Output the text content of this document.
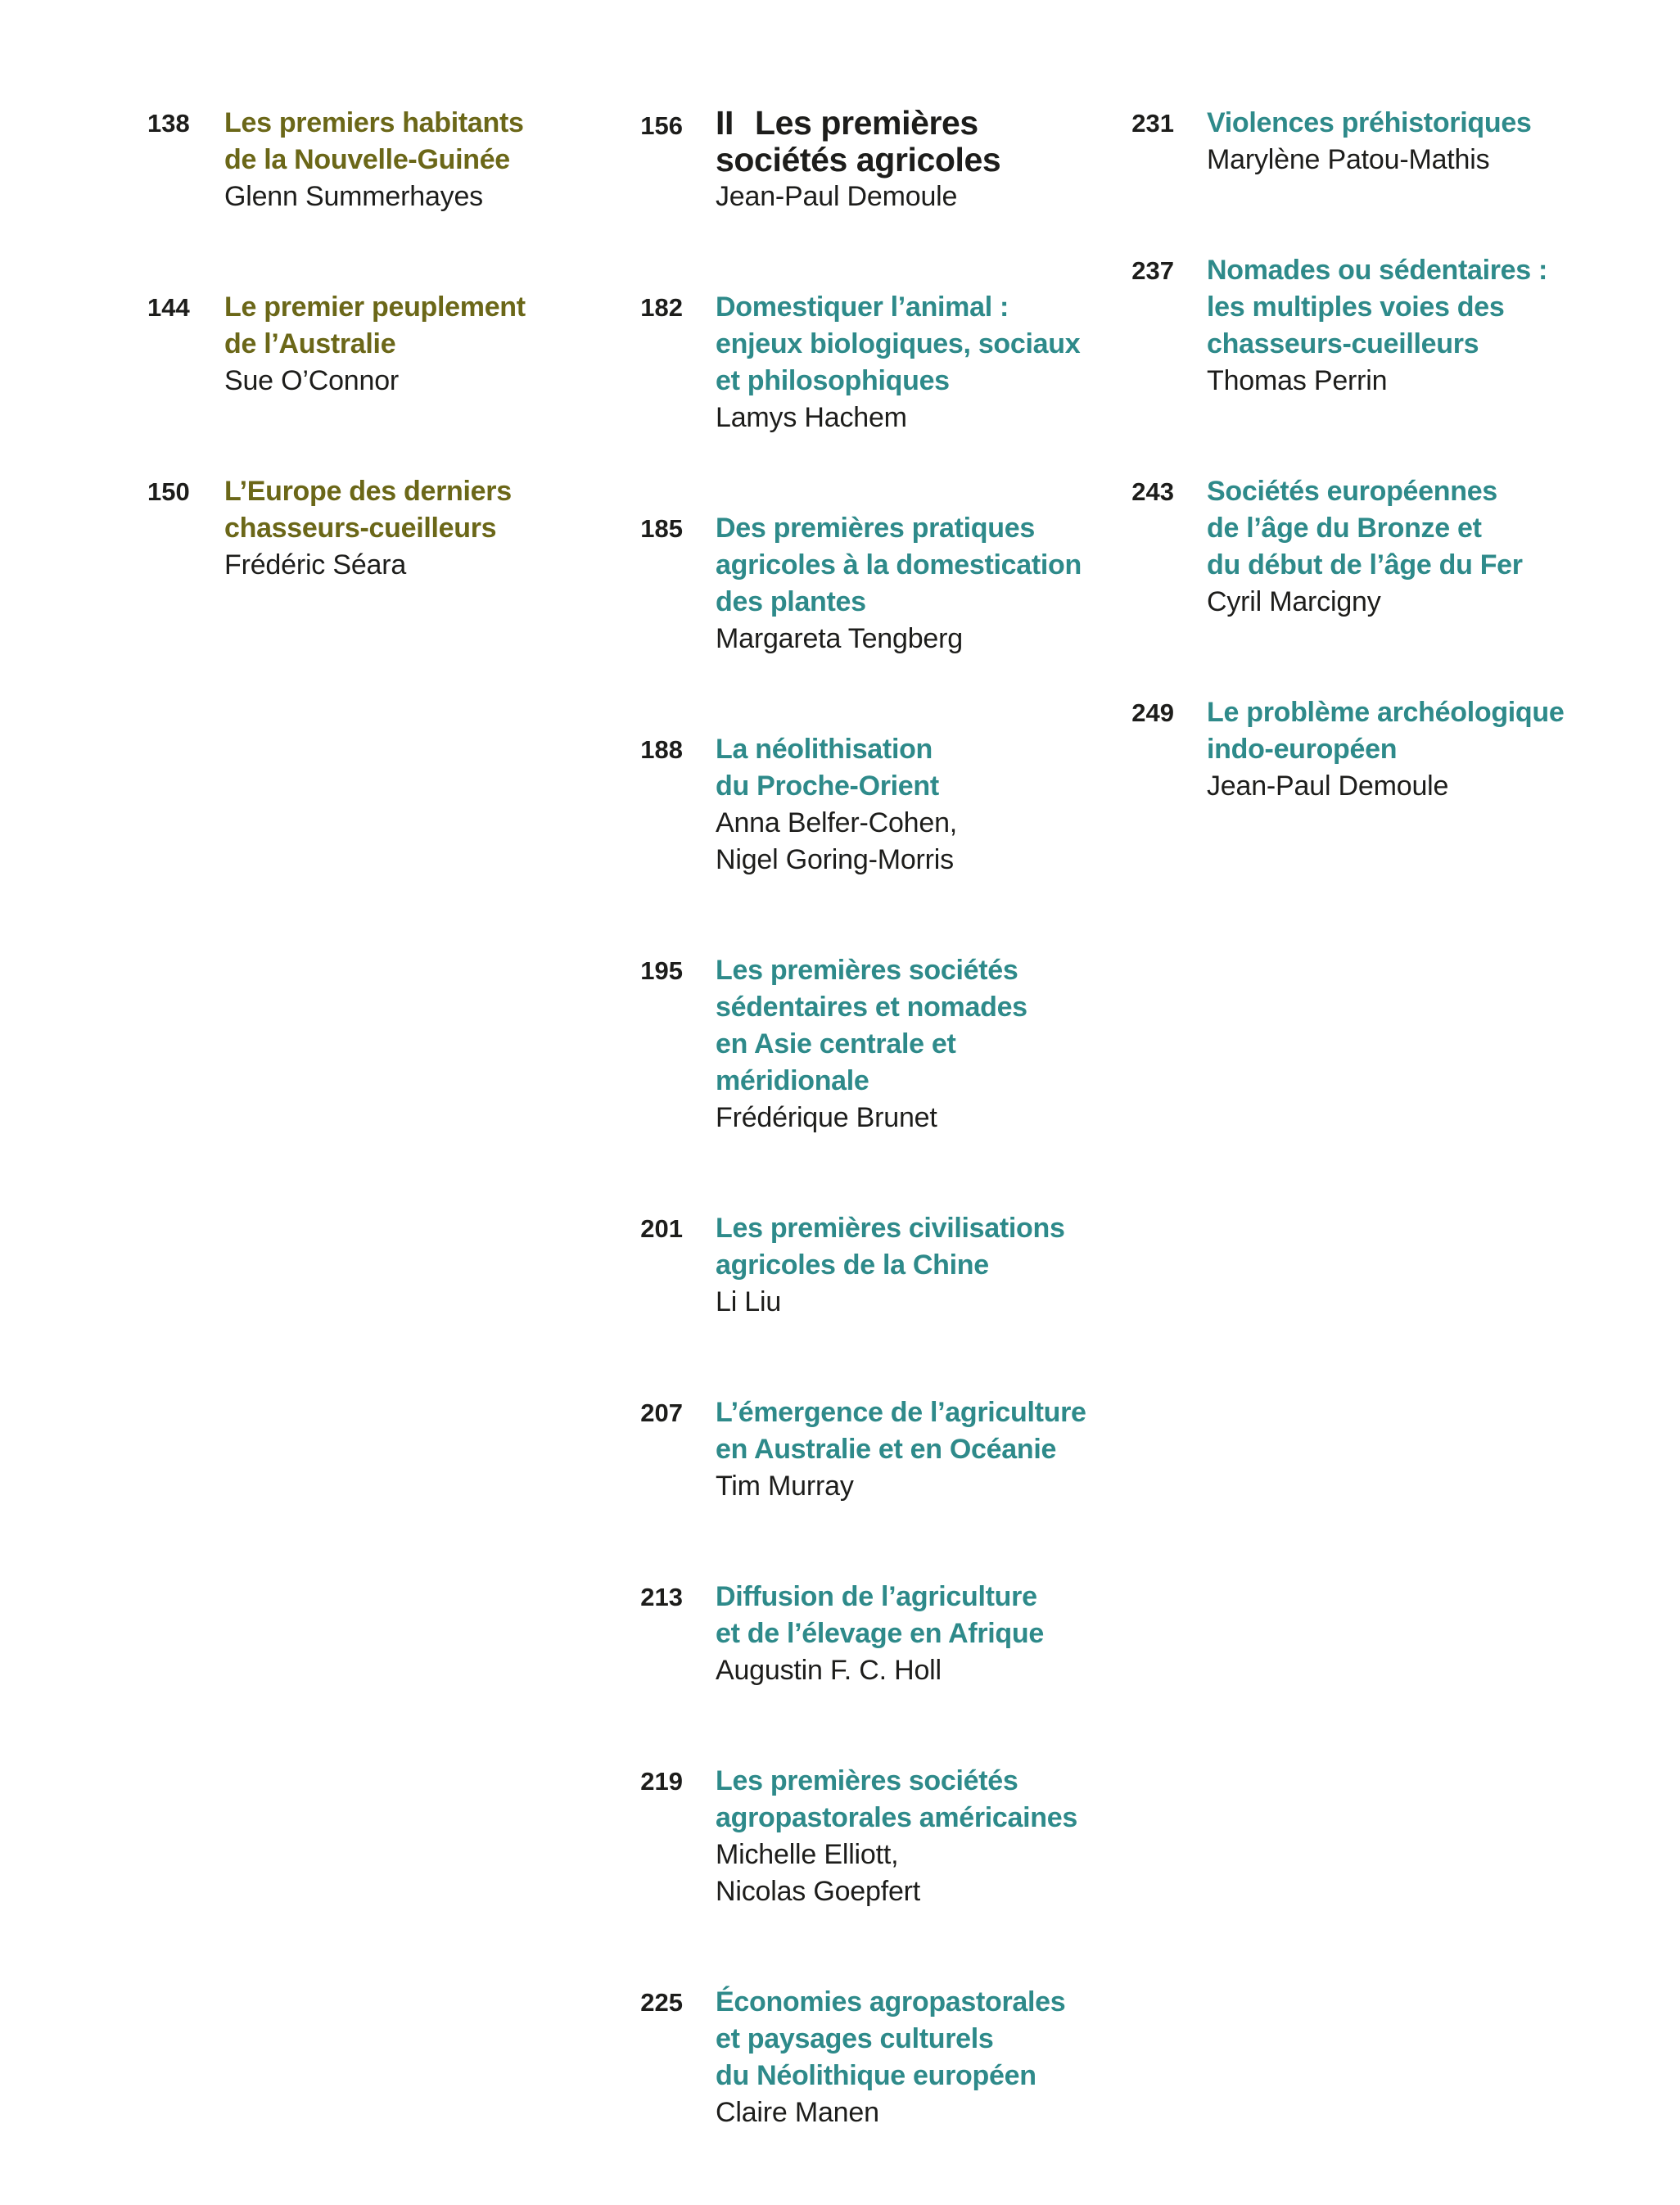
138 Les premiers habitants
de la Nouvelle-Guinée
Glenn Summerhayes
144 Le premier peuplement
de l’Australie
Sue O’Connor
150 L’Europe des derniers
chasseurs-cueilleurs
Frédéric Séara
156 II Les premières
sociétés agricoles
Jean-Paul Demoule
182 Domestiquer l’animal :
enjeux biologiques, sociaux
et philosophiques
Lamys Hachem
185 Des premières pratiques
agricoles à la domestication
des plantes
Margareta Tengberg
188 La néolithisation
du Proche-Orient
Anna Belfer-Cohen,
Nigel Goring-Morris
195 Les premières sociétés
sédentaires et nomades
en Asie centrale et
méridionale
Frédérique Brunet
201 Les premières civilisations
agricoles de la Chine
Li Liu
207 L’émergence de l’agriculture
en Australie et en Océanie
Tim Murray
213 Diffusion de l’agriculture
et de l’élevage en Afrique
Augustin F. C. Holl
219 Les premières sociétés
agropastorales américaines
Michelle Elliott,
Nicolas Goepfert
225 Économies agropastorales
et paysages culturels
du Néolithique européen
Claire Manen
231 Violences préhistoriques
Marylène Patou-Mathis
237 Nomades ou sédentaires :
les multiples voies des
chasseurs-cueilleurs
Thomas Perrin
243 Sociétés européennes
de l’âge du Bronze et
du début de l’âge du Fer
Cyril Marcigny
249 Le problème archéologique
indo-européen
Jean-Paul Demoule
